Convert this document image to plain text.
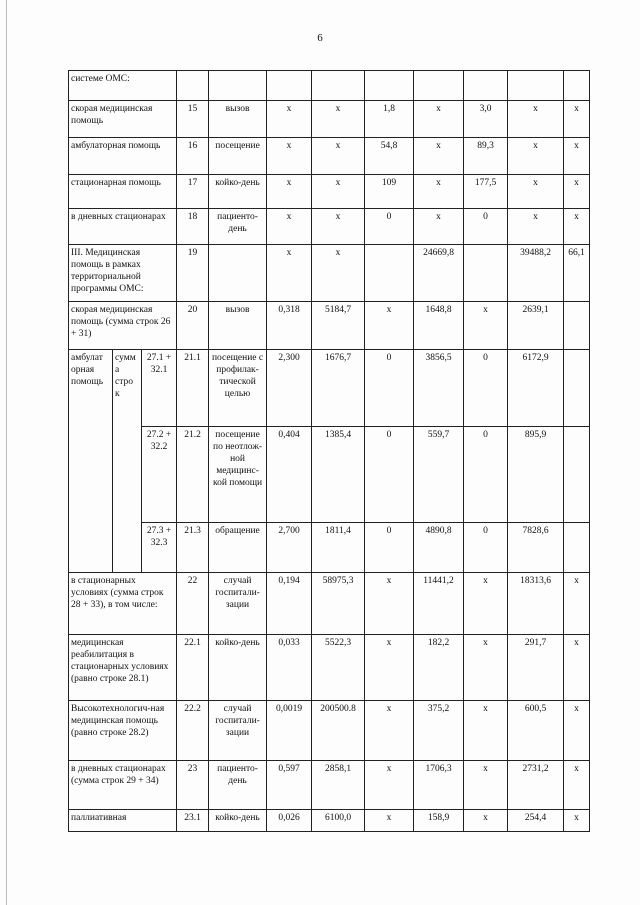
6
системе ОМС:											
скорая медицинская помощь			15	вызов	x	x	1,8	x	3,0	x	x
амбулаторная помощь			16	посещение	x	x	54,8	x	89,3	x	x
стационарная помощь			17	койко-день	x	x	109	x	177,5	x	x
в дневных стационарах			18	пациенто-день	x	x	0	x	0	x	x
III. Медицинская помощь в рамках территориальной программы ОМС:			19		x	x		24669,8		39488,2	66,1
скорая медицинская помощь (сумма строк 26 + 31)			20	вызов	0,318	5184,7	x	1648,8	x	2639,1	
амбулат орная помощь	сумм а стро к	27.1 + 32.1	21.1	посещение с профилак-тической целью	2,300	1676,7	0	3856,5	0	6172,9	
		27.2 + 32.2	21.2	посещение по неотлож-ной медицинс-кой помощи	0,404	1385,4	0	559,7	0	895,9	
		27.3 + 32.3	21.3	обращение	2,700	1811,4	0	4890,8	0	7828,6	
в стационарных условиях (сумма строк 28 + 33), в том числе:			22	случай госпитали-зации	0,194	58975,3	x	11441,2	x	18313,6	x
медицинская реабилитация в стационарных условиях (равно строке 28.1)			22.1	койко-день	0,033	5522,3	x	182,2	x	291,7	x
Высокотехнологич-ная медицинская помощь (равно строке 28.2)			22.2	случай госпитали-зации	0,0019	200500.8	x	375,2	x	600,5	x
в дневных стационарах (сумма строк 29 + 34)			23	пациенто-день	0,597	2858,1	x	1706,3	x	2731,2	x
паллиативная			23.1	койко-день	0,026	6100,0	x	158,9	x	254,4	x
